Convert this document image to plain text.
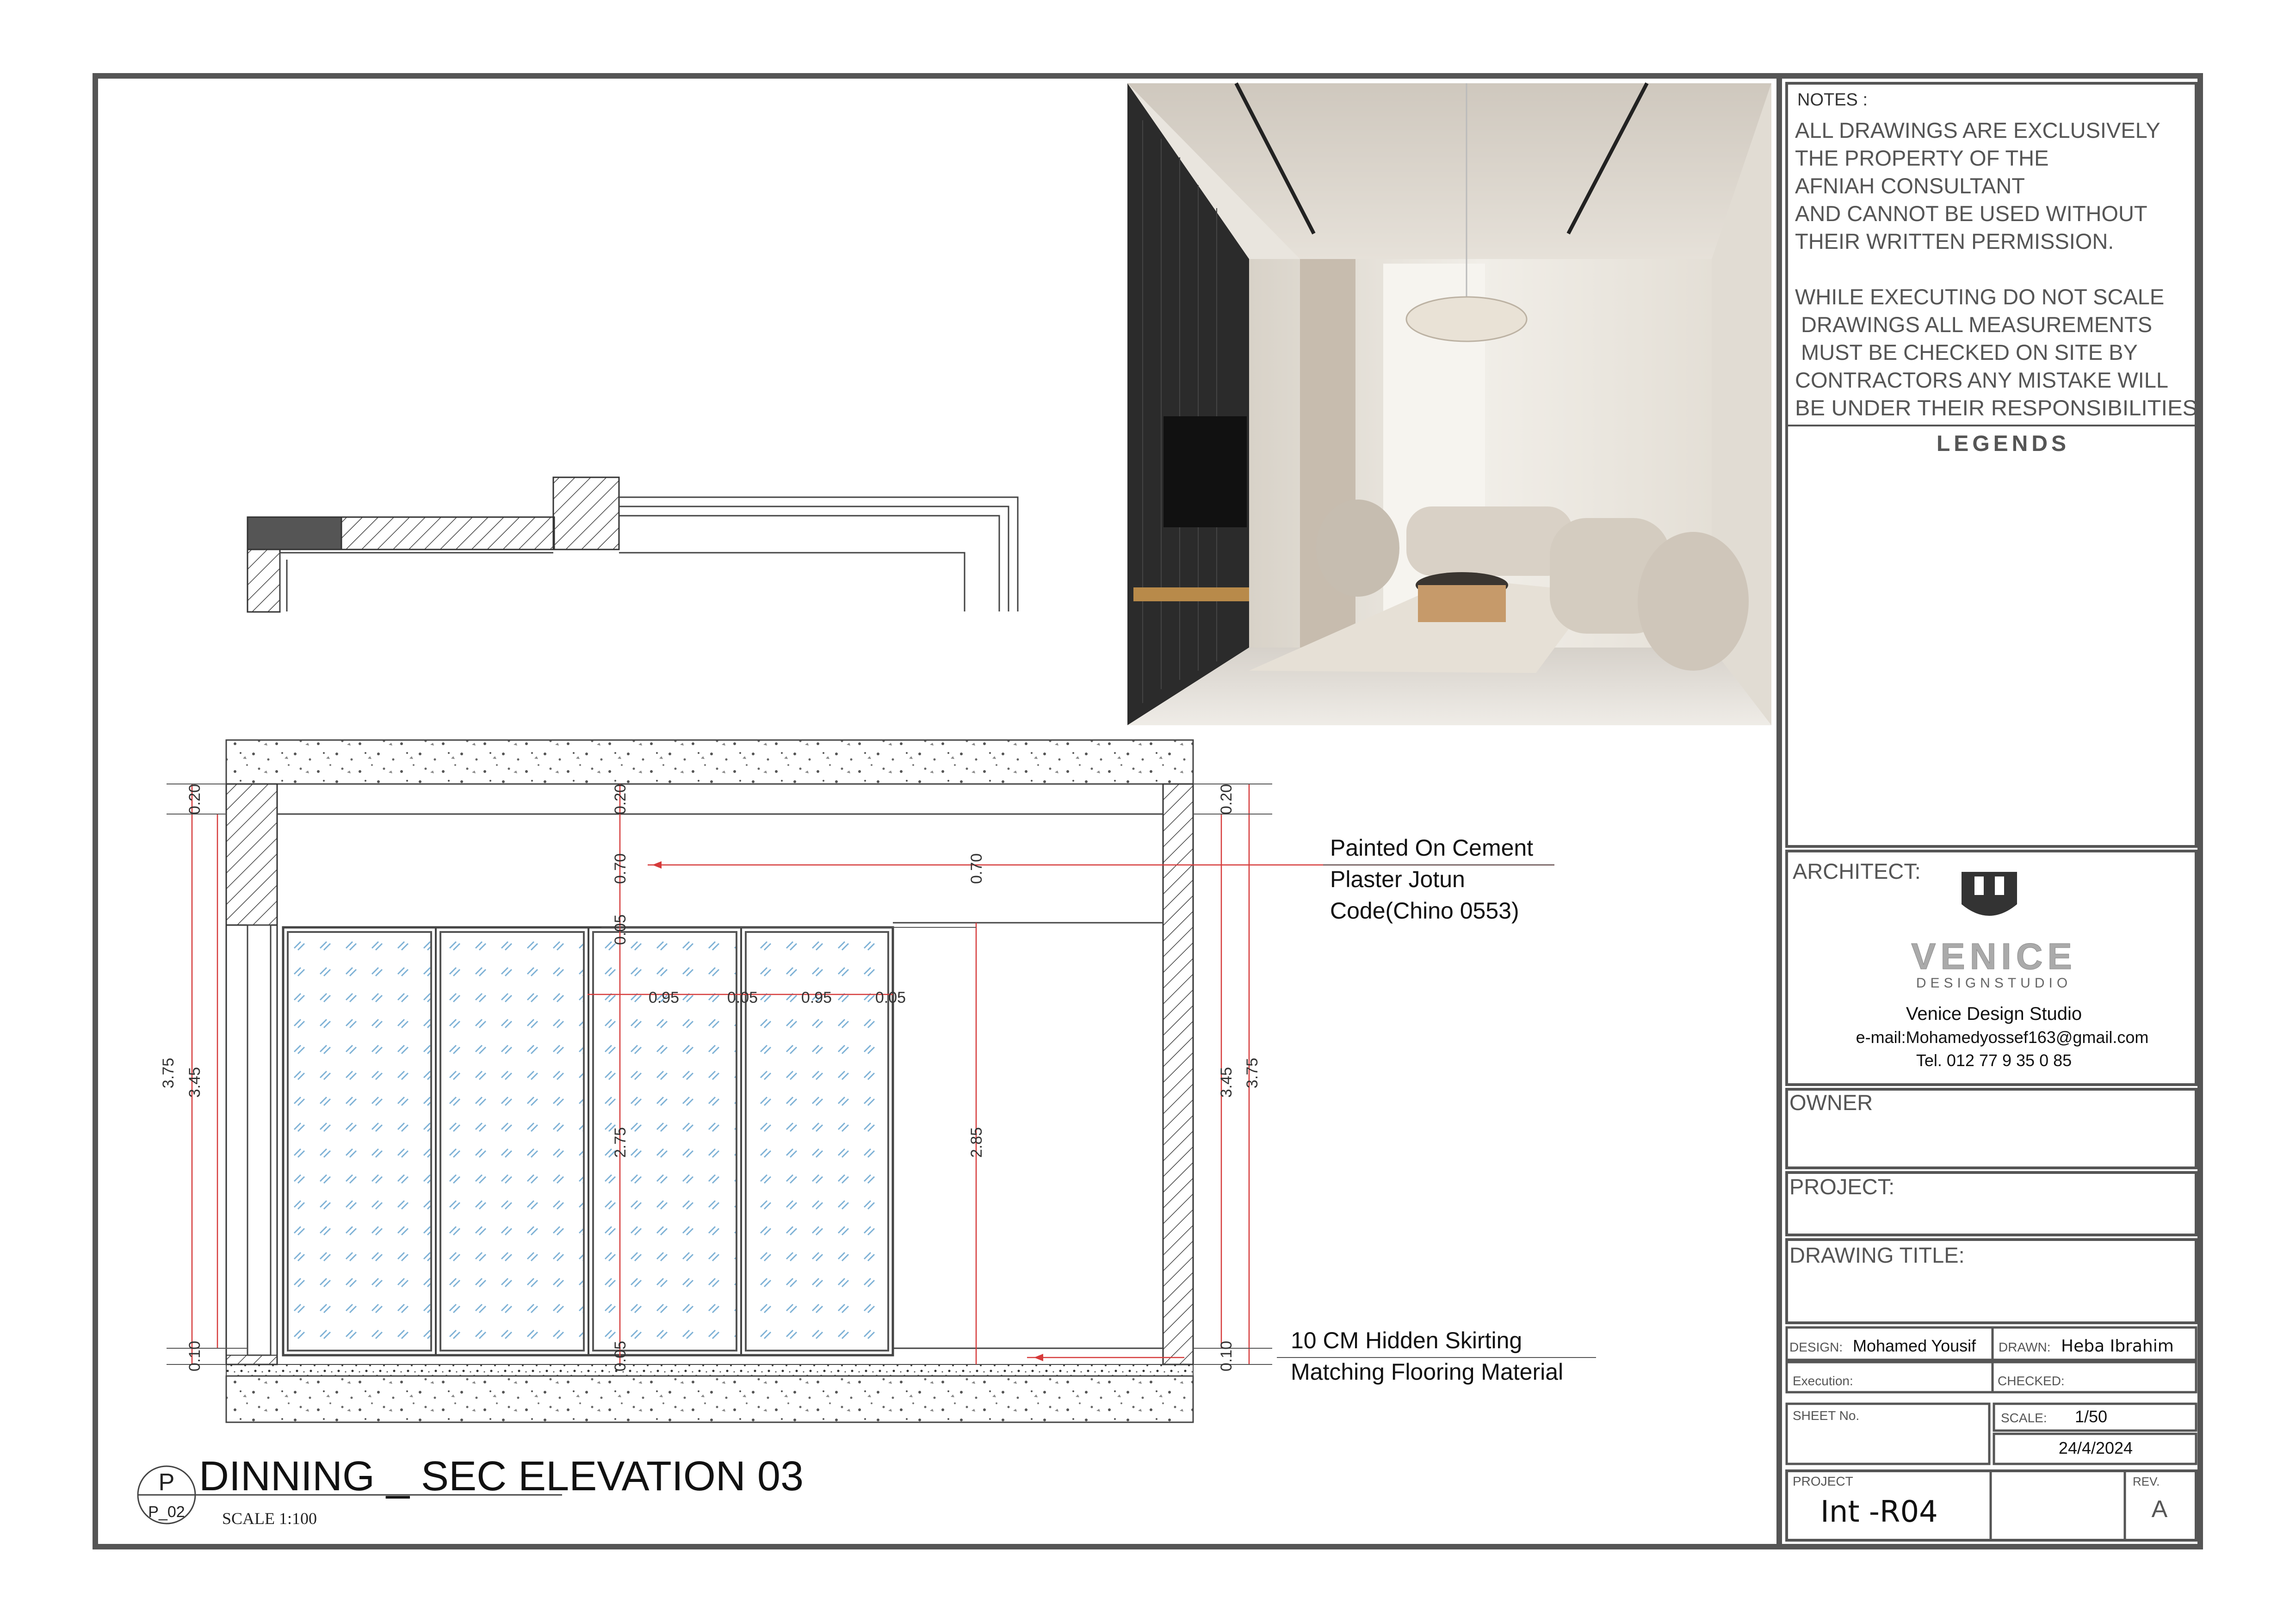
3.75 3.45	3.45 3.75
0.20	0.20	0.20
0.10	0.05	0.10
0.70	0.70
0.05
2.75	2.85
0.95	0.05	0.95	0.05
Painted On Cement
Plaster Jotun
Code(Chino 0553)
10 CM Hidden Skirting
Matching Flooring Material
P
P_02
DINNING _ SEC ELEVATION 03
SCALE 1:100
NOTES :
ALL DRAWINGS ARE EXCLUSIVELY
THE PROPERTY OF THE
AFNIAH CONSULTANT
AND CANNOT BE USED WITHOUT
THEIR WRITTEN PERMISSION.
WHILE EXECUTING DO NOT SCALE
DRAWINGS ALL MEASUREMENTS
MUST BE CHECKED ON SITE BY
CONTRACTORS ANY MISTAKE WILL
BE UNDER THEIR RESPONSIBILITIES
LEGENDS
ARCHITECT:
VENICE
DESIGNSTUDIO
Venice Design Studio
e-mail:Mohamedyossef163@gmail.com
Tel. 012 77 9 35 0 85
OWNER
PROJECT:
DRAWING TITLE:
DESIGN: Mohamed Yousif DRAWN: Heba Ibrahim
Execution:	CHECKED:
SHEET No.	SCALE: 1/50
24/4/2024
PROJECT
Int -R04
REV.
A
